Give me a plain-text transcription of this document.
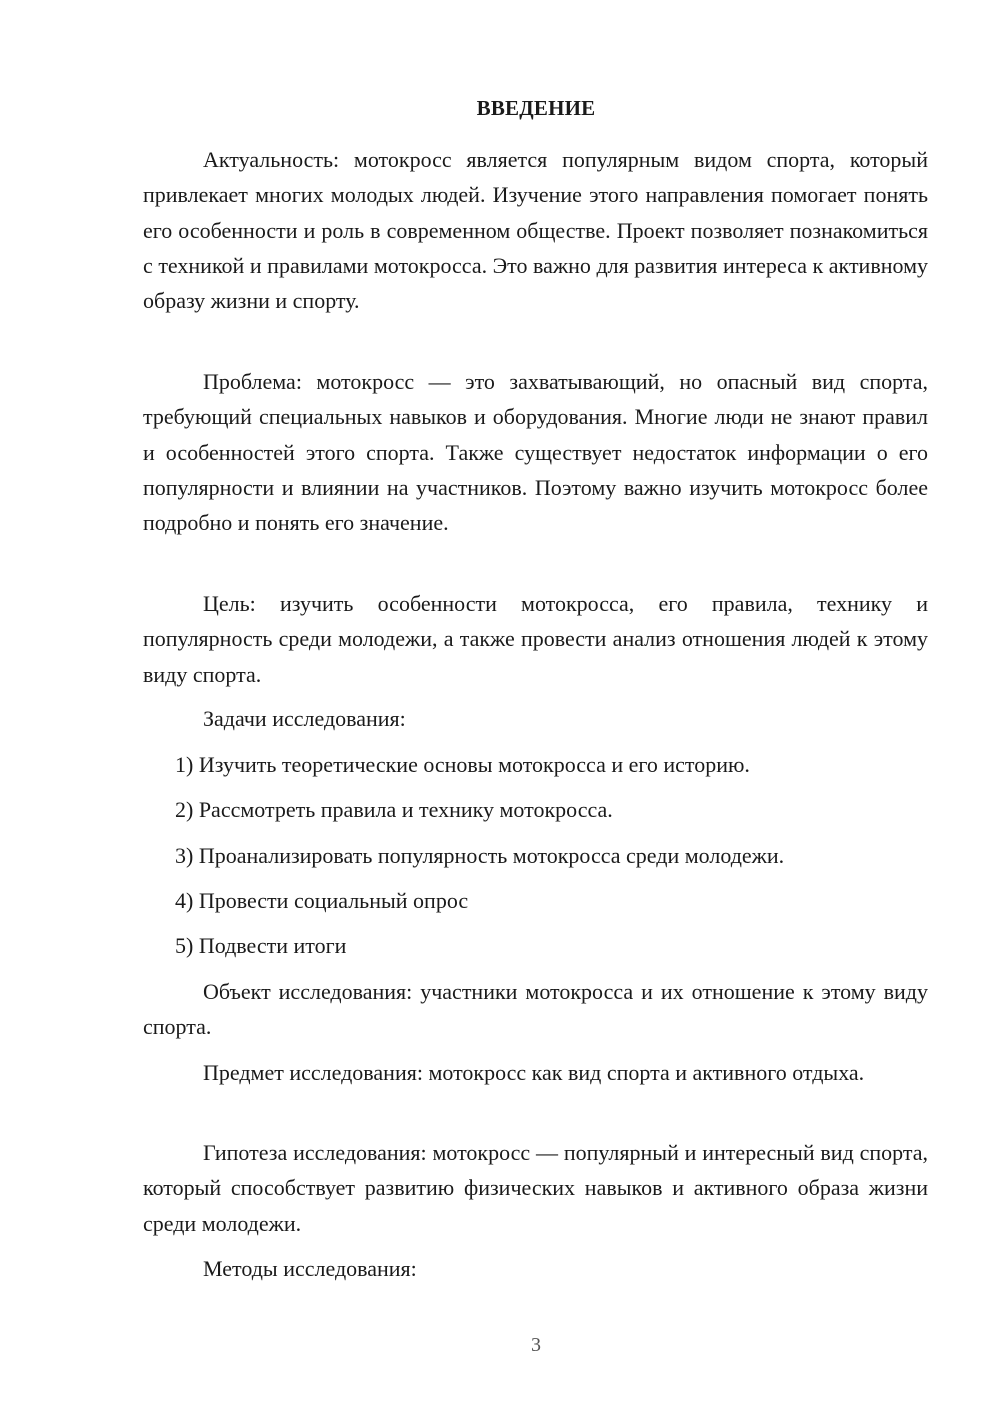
ВВЕДЕНИЕ

Актуальность: мотокросс является популярным видом спорта, который привлекает многих молодых людей. Изучение этого направления помогает понять его особенности и роль в современном обществе. Проект позволяет познакомиться с техникой и правилами мотокросса. Это важно для развития интереса к активному образу жизни и спорту.

Проблема: мотокросс — это захватывающий, но опасный вид спорта, требующий специальных навыков и оборудования. Многие люди не знают правил и особенностей этого спорта. Также существует недостаток информации о его популярности и влиянии на участников. Поэтому важно изучить мотокросс более подробно и понять его значение.

Цель: изучить особенности мотокросса, его правила, технику и популярность среди молодежи, а также провести анализ отношения людей к этому виду спорта.

Задачи исследования:
1) Изучить теоретические основы мотокросса и его историю.
2) Рассмотреть правила и технику мотокросса.
3) Проанализировать популярность мотокросса среди молодежи.
4) Провести социальный опрос
5) Подвести итоги

Объект исследования: участники мотокросса и их отношение к этому виду спорта.

Предмет исследования: мотокросс как вид спорта и активного отдыха.

Гипотеза исследования: мотокросс — популярный и интересный вид спорта, который способствует развитию физических навыков и активного образа жизни среди молодежи.

Методы исследования:
3
